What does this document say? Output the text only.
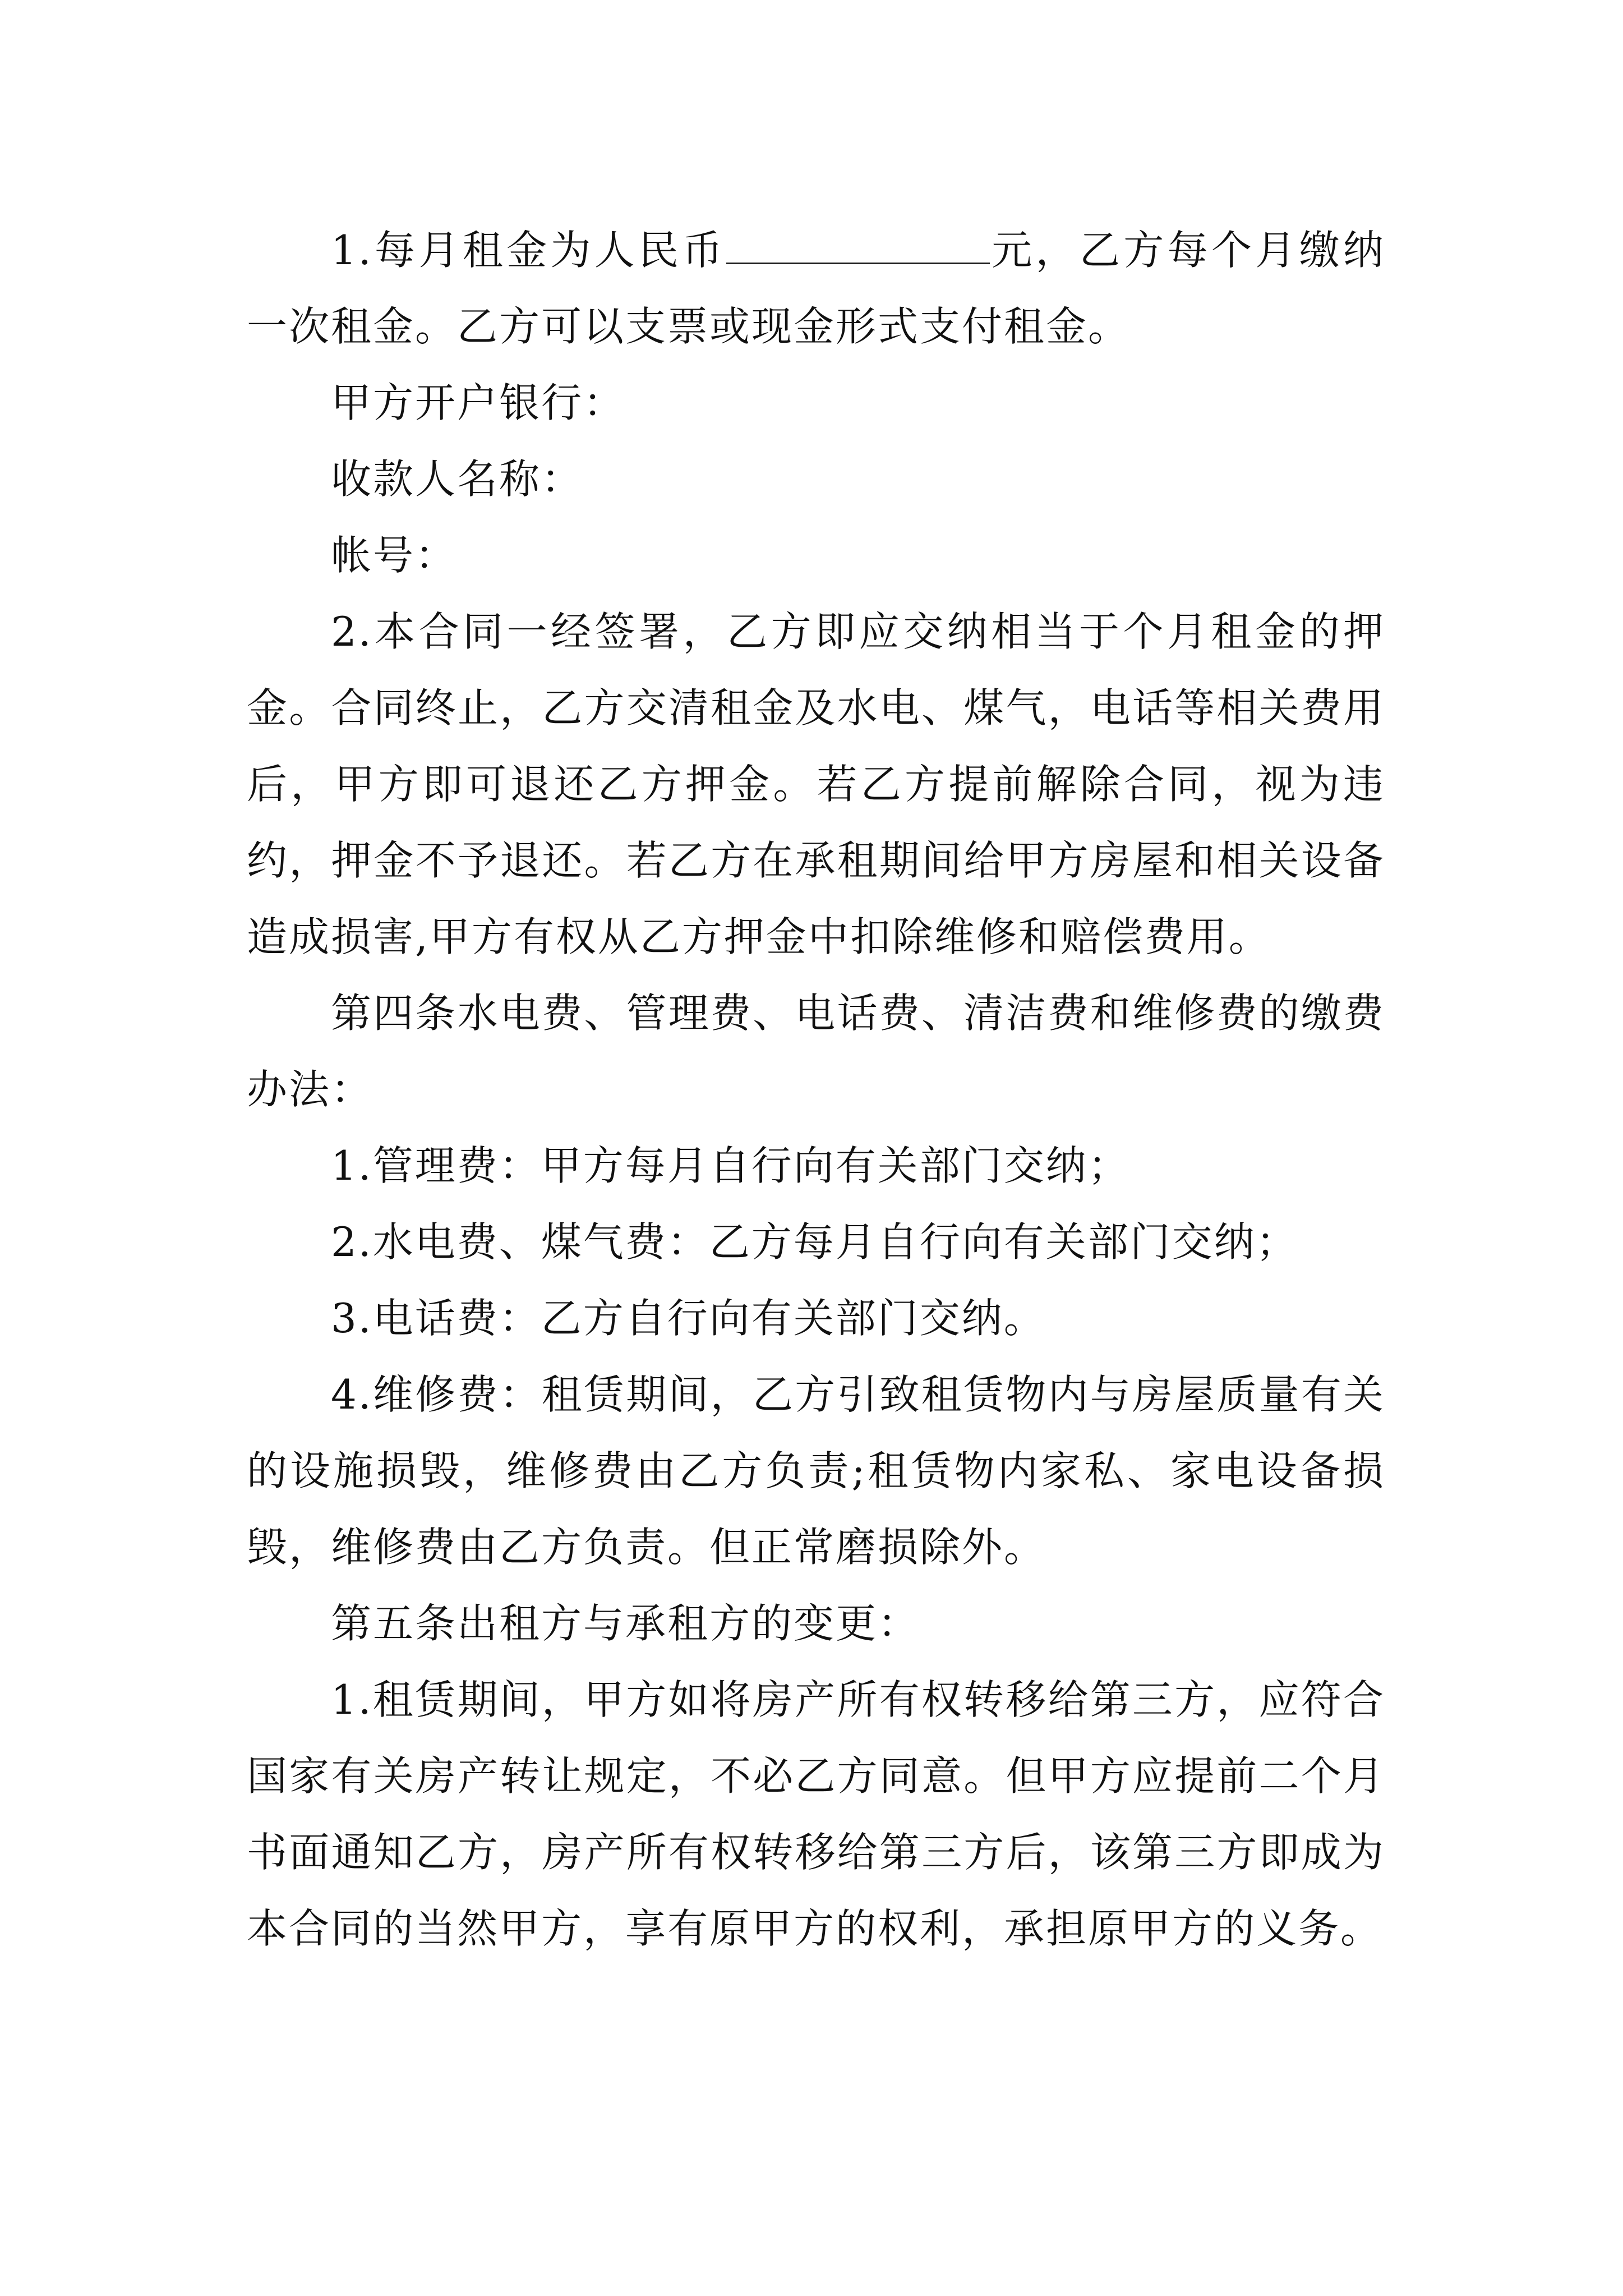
1.每月租金为人民币	元，乙方每个月缴纳一次租金。乙方可以支票或现金形式支付租金。

甲方开户银行：

收款人名称：

帐号：

2.本合同一经签署，乙方即应交纳相当于个月租金的押金。合同终止，乙方交清租金及水电、煤气，电话等相关费用后，甲方即可退还乙方押金。若乙方提前解除合同，视为违约，押金不予退还。若乙方在承租期间给甲方房屋和相关设备造成损害,甲方有权从乙方押金中扣除维修和赔偿费用。

第四条水电费、管理费、电话费、清洁费和维修费的缴费办法：

1.管理费：甲方每月自行向有关部门交纳；

2.水电费、煤气费：乙方每月自行向有关部门交纳；

3.电话费：乙方自行向有关部门交纳。

4.维修费：租赁期间，乙方引致租赁物内与房屋质量有关的设施损毁，维修费由乙方负责;租赁物内家私、家电设备损毁，维修费由乙方负责。但正常磨损除外。

第五条出租方与承租方的变更：

1.租赁期间，甲方如将房产所有权转移给第三方，应符合国家有关房产转让规定，不必乙方同意。但甲方应提前二个月书面通知乙方，房产所有权转移给第三方后，该第三方即成为本合同的当然甲方，享有原甲方的权利，承担原甲方的义务。
